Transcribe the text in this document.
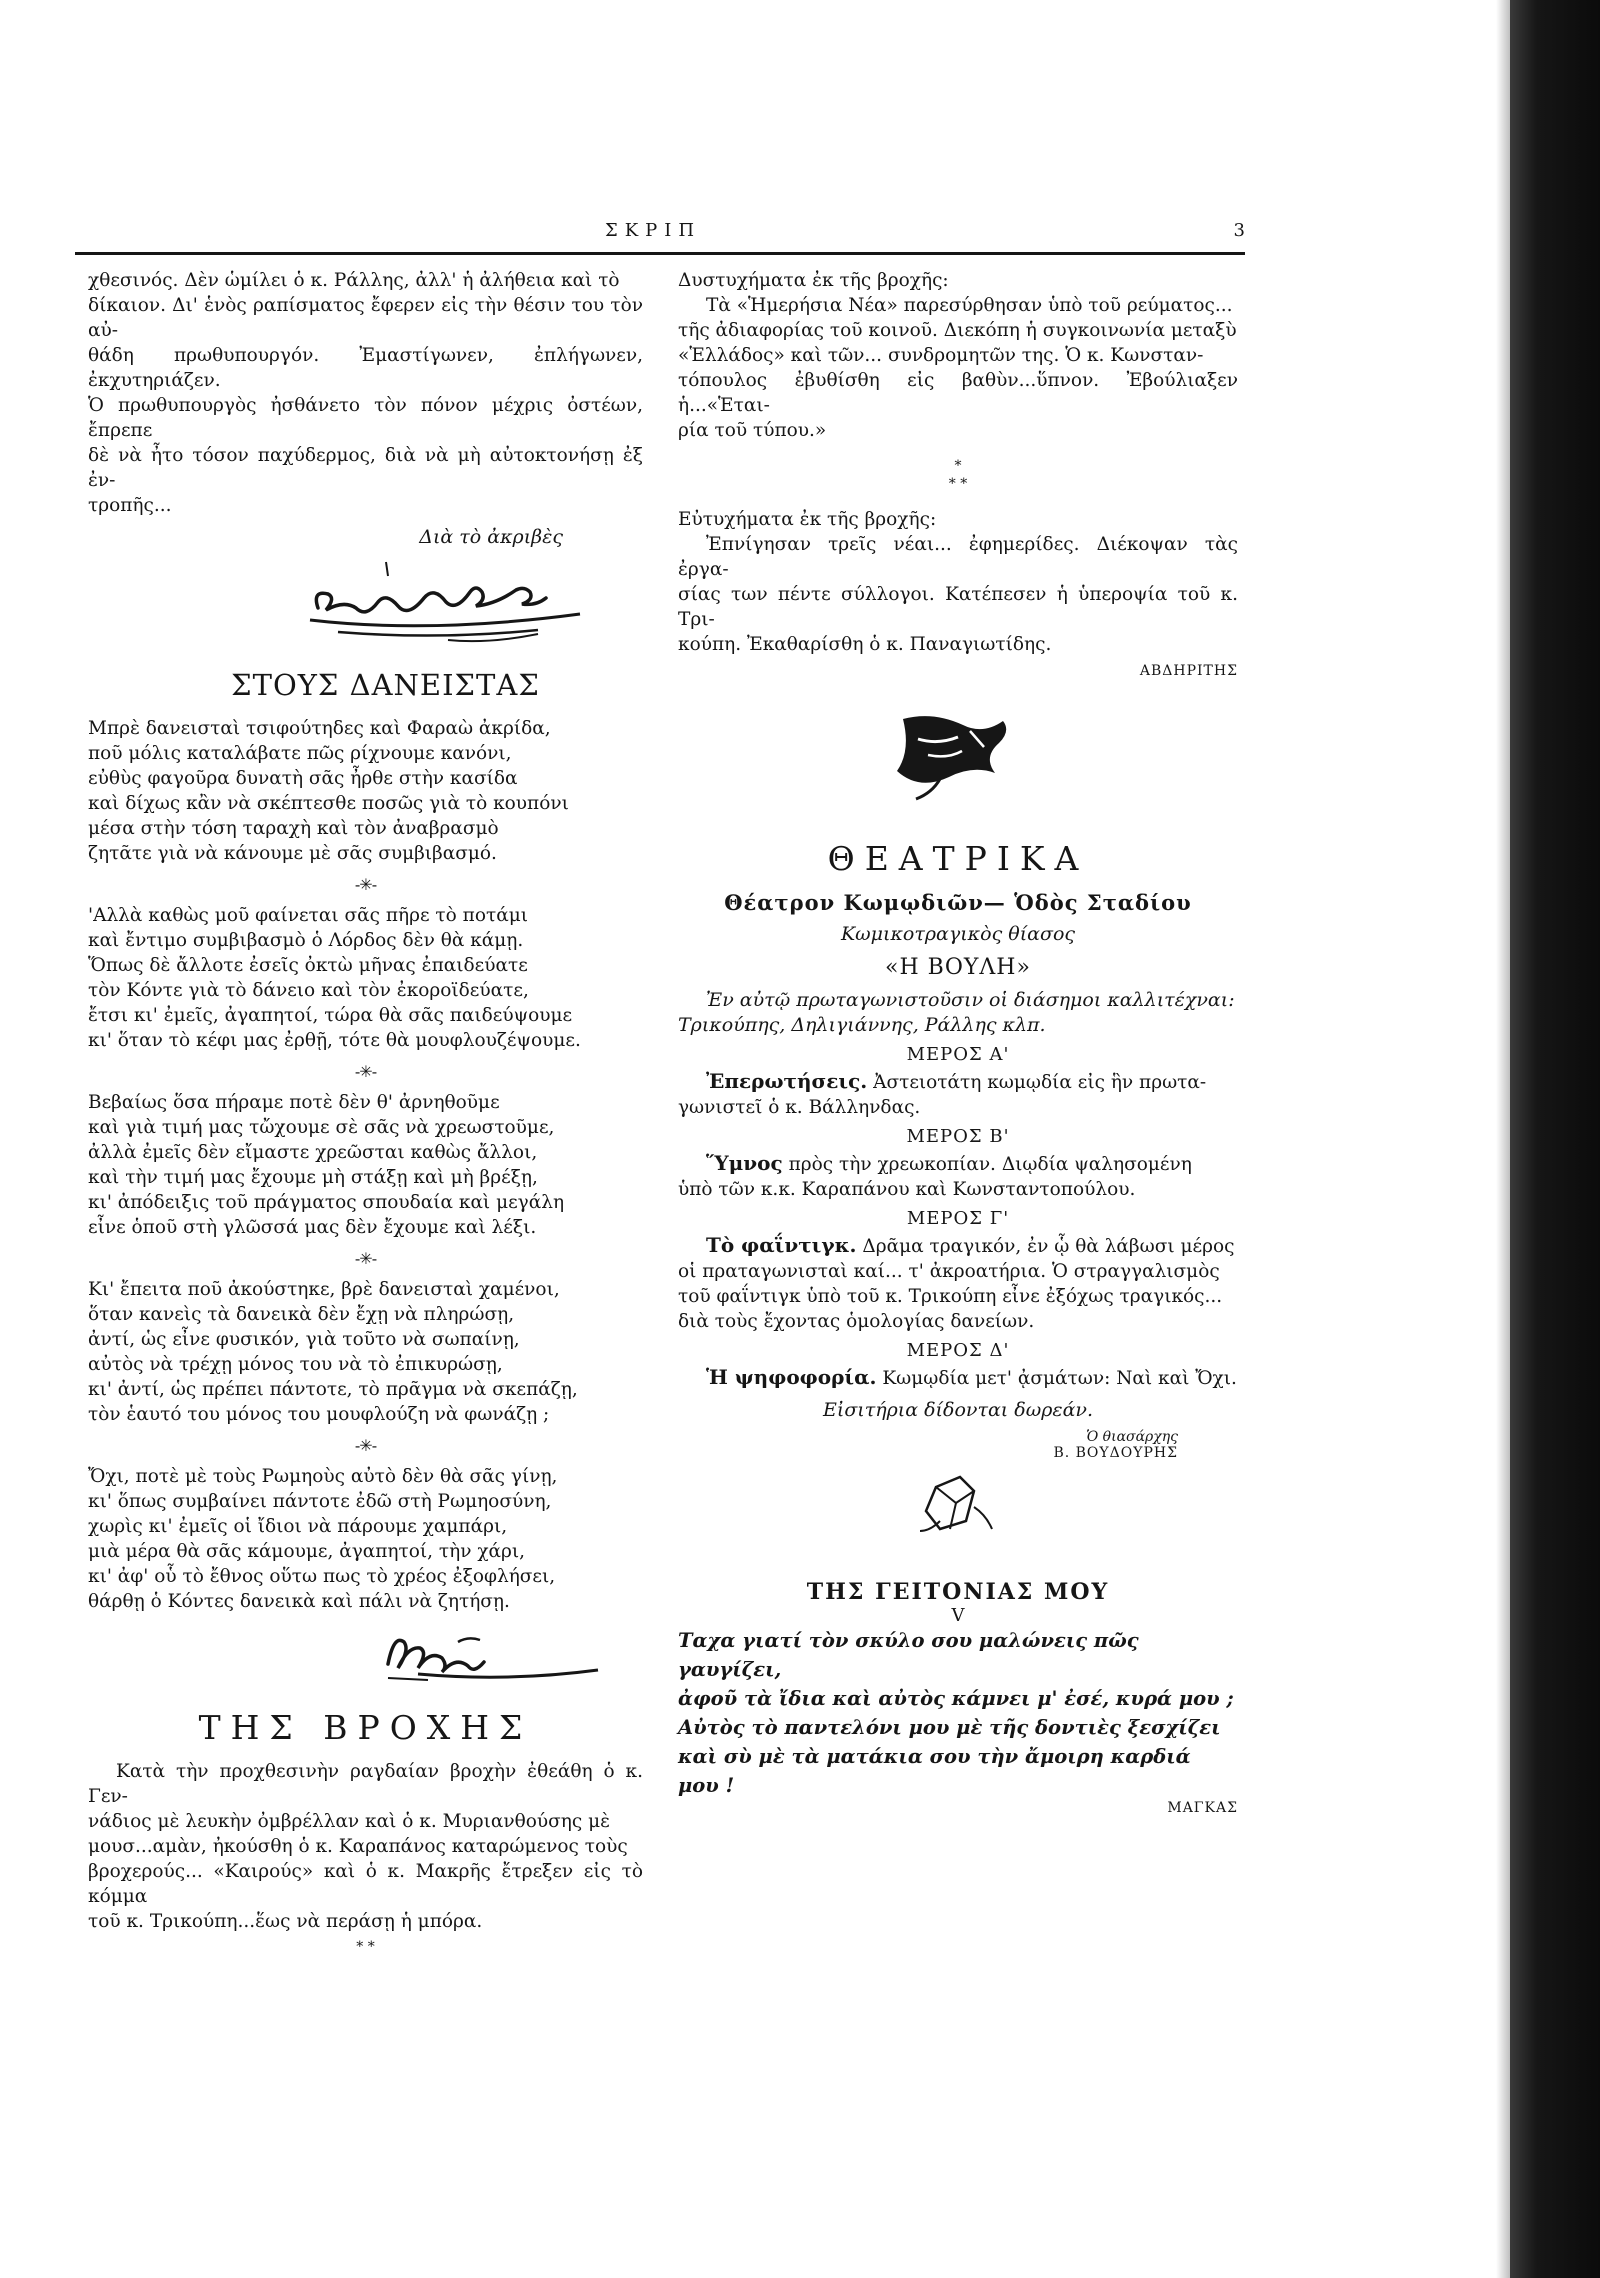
ΣΚΡΙΠ	3

χθεσινός. Δὲν ὡμίλει ὁ κ. Ράλλης, ἀλλ' ἡ ἀλήθεια καὶ τὸ

δίκαιον. Δι' ἑνὸς ραπίσματος ἔφερεν εἰς τὴν θέσιν του τὸν αὐ-

θάδη πρωθυπουργόν. Ἐμαστίγωνεν, ἐπλήγωνεν, ἐκχυτηριάζεν.

Ὁ πρωθυπουργὸς ἠσθάνετο τὸν πόνον μέχρις ὀστέων, ἔπρεπε

δὲ νὰ ἦτο τόσον παχύδερμος, διὰ νὰ μὴ αὐτοκτονήσῃ ἐξ ἐν-

τροπῆς...

Διὰ τὸ ἀκριβὲς

ΣΤΟΥΣ ΔΑΝΕΙΣΤΑΣ

Μπρὲ δανεισταὶ τσιφούτηδες καὶ Φαραὼ ἀκρίδα,

ποῦ μόλις καταλάβατε πῶς ρίχνουμε κανόνι,

εὐθὺς φαγοῦρα δυνατὴ σᾶς ἦρθε στὴν κασίδα

καὶ δίχως κἂν νὰ σκέπτεσθε ποσῶς γιὰ τὸ κουπόνι

μέσα στὴν τόση ταραχὴ καὶ τὸν ἀναβρασμὸ

ζητᾶτε γιὰ νὰ κάνουμε μὲ σᾶς συμβιβασμό.

-✳-

'Αλλὰ καθὼς μοῦ φαίνεται σᾶς πῆρε τὸ ποτάμι

καὶ ἔντιμο συμβιβασμὸ ὁ Λόρδος δὲν θὰ κάμῃ.

Ὅπως δὲ ἄλλοτε ἐσεῖς ὀκτὼ μῆνας ἐπαιδεύατε

τὸν Κόντε γιὰ τὸ δάνειο καὶ τὸν ἐκοροϊδεύατε,

ἔτσι κι' ἐμεῖς, ἀγαπητοί, τώρα θὰ σᾶς παιδεύψουμε

κι' ὅταν τὸ κέφι μας ἐρθῇ, τότε θὰ μουφλουζέψουμε.

-✳-

Βεβαίως ὅσα πήραμε ποτὲ δὲν θ' ἀρνηθοῦμε

καὶ γιὰ τιμή μας τὤχουμε σὲ σᾶς νὰ χρεωστοῦμε,

ἀλλὰ ἐμεῖς δὲν εἴμαστε χρεῶσται καθὼς ἄλλοι,

καὶ τὴν τιμή μας ἔχουμε μὴ στάξῃ καὶ μὴ βρέξῃ,

κι' ἀπόδειξις τοῦ πράγματος σπουδαία καὶ μεγάλη

εἶνε ὁποῦ στὴ γλῶσσά μας δὲν ἔχουμε καὶ λέξι.

-✳-

Κι' ἔπειτα ποῦ ἀκούστηκε, βρὲ δανεισταὶ χαμένοι,

ὅταν κανεὶς τὰ δανεικὰ δὲν ἔχῃ νὰ πληρώσῃ,

ἀντί, ὡς εἶνε φυσικόν, γιὰ τοῦτο νὰ σωπαίνῃ,

αὐτὸς νὰ τρέχῃ μόνος του νὰ τὸ ἐπικυρώσῃ,

κι' ἀντί, ὡς πρέπει πάντοτε, τὸ πρᾶγμα νὰ σκεπάζῃ,

τὸν ἑαυτό του μόνος του μουφλούζη νὰ φωνάζῃ ;

-✳-

Ὄχι, ποτὲ μὲ τοὺς Ρωμηοὺς αὐτὸ δὲν θὰ σᾶς γίνῃ,

κι' ὅπως συμβαίνει πάντοτε ἐδῶ στὴ Ρωμηοσύνη,

χωρὶς κι' ἐμεῖς οἱ ἴδιοι νὰ πάρουμε χαμπάρι,

μιὰ μέρα θὰ σᾶς κάμουμε, ἀγαπητοί, τὴν χάρι,

κι' ἀφ' οὗ τὸ ἔθνος οὕτω πως τὸ χρέος ἐξοφλήσει,

θάρθῃ ὁ Κόντες δανεικὰ καὶ πάλι νὰ ζητήσῃ.

ΤΗΣ ΒΡΟΧΗΣ

Κατὰ τὴν προχθεσινὴν ραγδαίαν βροχὴν ἐθεάθη ὁ κ. Γεν-

νάδιος μὲ λευκὴν ὀμβρέλλαν καὶ ὁ κ. Μυριανθούσης μὲ

μουσ...αμὰν, ἠκούσθη ὁ κ. Καραπάνος καταρώμενος τοὺς

βροχερούς... «Καιρούς» καὶ ὁ κ. Μακρῆς ἔτρεξεν εἰς τὸ κόμμα

τοῦ κ. Τρικούπη...ἕως νὰ περάσῃ ἡ μπόρα.

* *

Δυστυχήματα ἐκ τῆς βροχῆς:

Τὰ «Ἡμερήσια Νέα» παρεσύρθησαν ὑπὸ τοῦ ρεύματος...

τῆς ἀδιαφορίας τοῦ κοινοῦ. Διεκόπη ἡ συγκοινωνία μεταξὺ

«Ἑλλάδος» καὶ τῶν... συνδρομητῶν της. Ὁ κ. Κωνσταν-

τόπουλος ἐβυθίσθη εἰς βαθὺν...ὕπνον. Ἐβούλιαξεν ἡ...«Ἑται-

ρία τοῦ τύπου.»

*

* *

Εὐτυχήματα ἐκ τῆς βροχῆς:

Ἐπνίγησαν τρεῖς νέαι... ἐφημερίδες. Διέκοψαν τὰς ἐργα-

σίας των πέντε σύλλογοι. Κατέπεσεν ἡ ὑπεροψία τοῦ κ. Τρι-

κούπη. Ἐκαθαρίσθη ὁ κ. Παναγιωτίδης.

ΑΒΔΗΡΙΤΗΣ

ΘΕΑΤΡΙΚΑ

Θέατρον Κωμῳδιῶν— Ὁδὸς Σταδίου

Κωμικοτραγικὸς θίασος

«Η ΒΟΥΛΗ»

Ἐν αὐτῷ πρωταγωνιστοῦσιν οἱ διάσημοι καλλιτέχναι:

Τρικούπης, Δηλιγιάννης, Ράλλης κλπ.

ΜΕΡΟΣ Α'

Ἐπερωτήσεις. Ἀστειοτάτη κωμῳδία εἰς ἣν πρωτα-

γωνιστεῖ ὁ κ. Βάλληνδας.

ΜΕΡΟΣ Β'

Ὕμνος πρὸς τὴν χρεωκοπίαν. Διῳδία ψαλησομένη

ὑπὸ τῶν κ.κ. Καραπάνου καὶ Κωνσταντοπούλου.

ΜΕΡΟΣ Γ'

Τὸ φαΐντιγκ. Δρᾶμα τραγικόν, ἐν ᾧ θὰ λάβωσι μέρος

οἱ πραταγωνισταὶ καί... τ' ἀκροατήρια. Ὁ στραγγαλισμὸς

τοῦ φαΐντιγκ ὑπὸ τοῦ κ. Τρικούπη εἶνε ἐξόχως τραγικός...

διὰ τοὺς ἔχοντας ὁμολογίας δανείων.

ΜΕΡΟΣ Δ'

Ἡ ψηφοφορία. Κωμῳδία μετ' ᾀσμάτων: Ναὶ καὶ Ὄχι.

Εἰσιτήρια δίδονται δωρεάν.

Ὁ θιασάρχης

Β. ΒΟΥΔΟΥΡΗΣ

ΤΗΣ ΓΕΙΤΟΝΙΑΣ ΜΟΥ

V

Ταχα γιατί τὸν σκύλο σου μαλώνεις πῶς γαυγίζει,

ἀφοῦ τὰ ἴδια καὶ αὐτὸς κάμνει μ' ἐσέ, κυρά μου ;

Αὐτὸς τὸ παντελόνι μου μὲ τῆς δοντιὲς ξεσχίζει

καὶ σὺ μὲ τὰ ματάκια σου τὴν ἄμοιρη καρδιά μου !

ΜΑΓΚΑΣ
